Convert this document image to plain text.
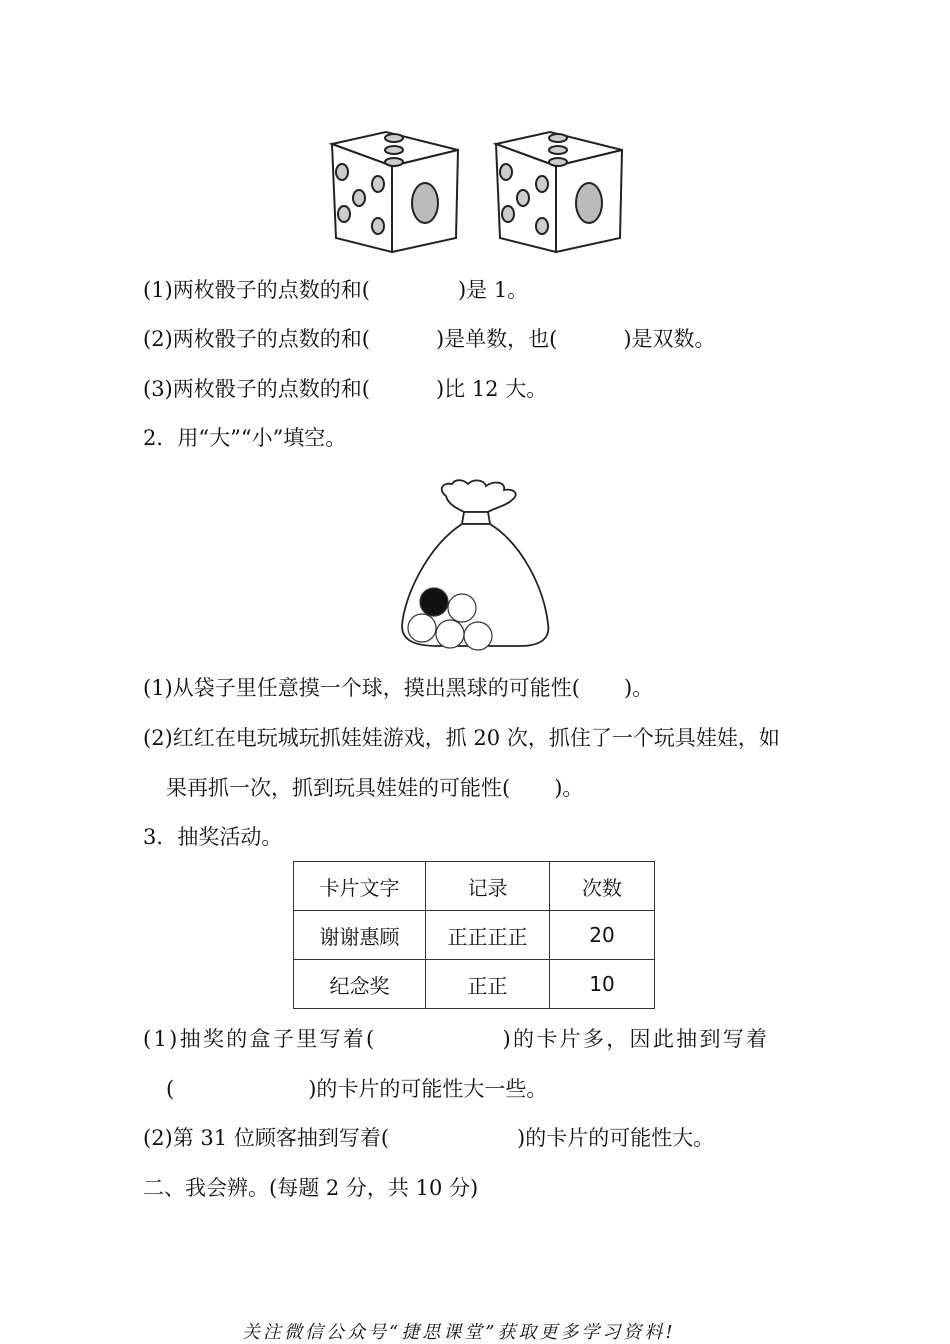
(1)两枚骰子的点数的和(	)是 1。
(2)两枚骰子的点数的和(	)是单数，也(	)是双数。
(3)两枚骰子的点数的和(	)比 12 大。
2．用“大”“小”填空。
(1)从袋子里任意摸一个球，摸出黑球的可能性( )。
(2)红红在电玩城玩抓娃娃游戏，抓 20 次，抓住了一个玩具娃娃，如
果再抓一次，抓到玩具娃娃的可能性( )。
3．抽奖活动。
卡片文字	记录	次数
谢谢惠顾	正正正正	20
纪念奖	正正	10
(1)抽奖的盒子里写着(	)的卡片多，因此抽到写着
(	)的卡片的可能性大一些。
(2)第 31 位顾客抽到写着(	)的卡片的可能性大。
二、我会辨。(每题 2 分，共 10 分)
关注微信公众号“捷思课堂”获取更多学习资料!
